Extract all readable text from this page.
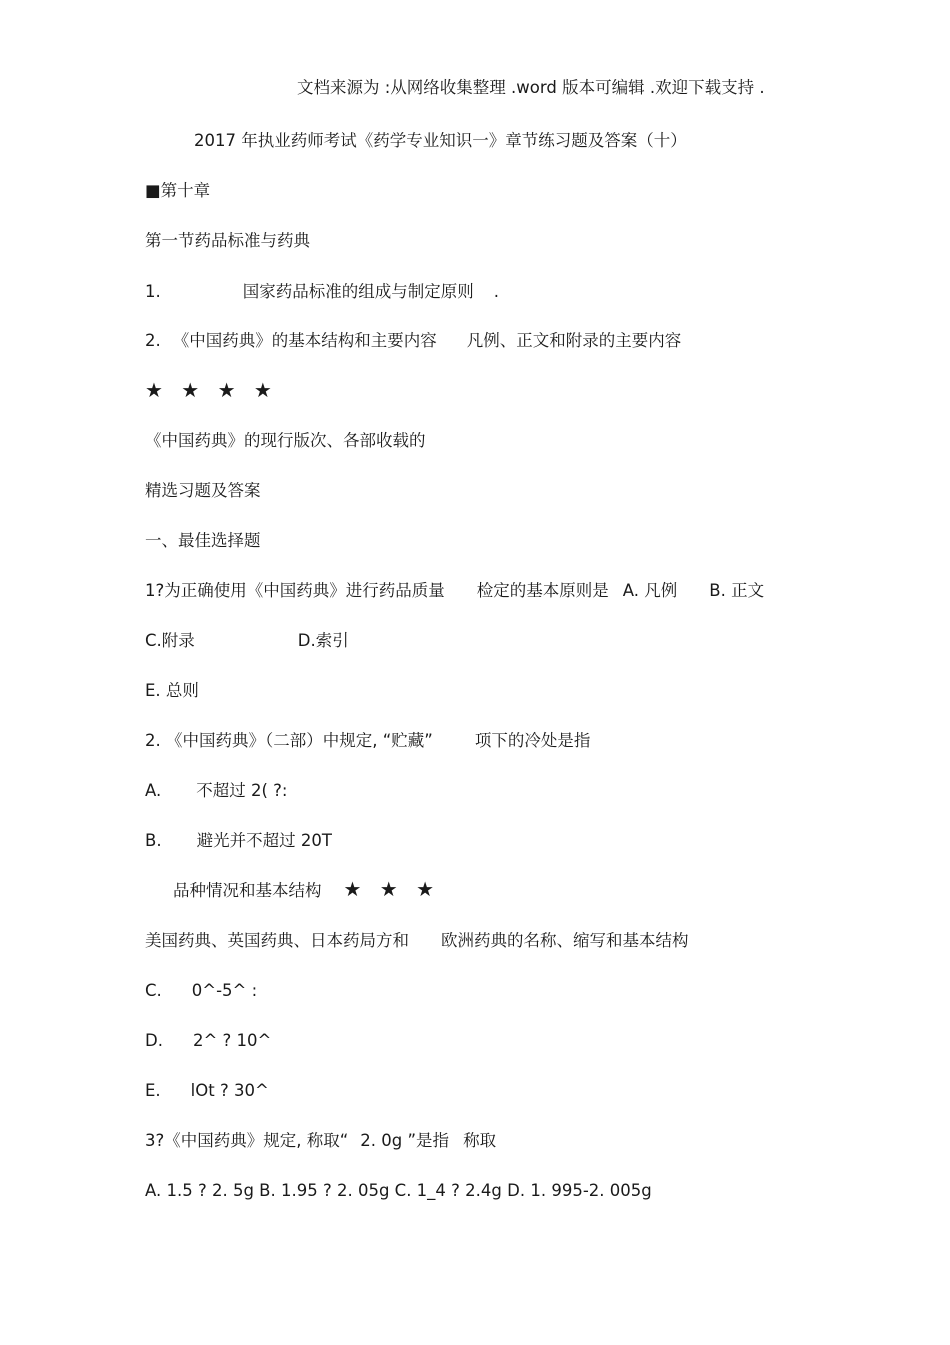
文档来源为 :从网络收集整理 .word 版本可编辑 .欢迎下载支持 .
2017 年执业药师考试《药学专业知识一》章节练习题及答案（十）
■第十章
第一节药品标准与药典
1.	国家药品标准的组成与制定原则 .
2. 《中国药典》的基本结构和主要内容 凡例、正文和附录的主要内容
★ ★ ★ ★
《中国药典》的现行版次、各部收载的
精选习题及答案
一、最佳选择题
1?为正确使用《中国药典》进行药品质量 检定的基本原则是 A. 凡例 B. 正文
C.附录	D.索引
E. 总则
2. 《中国药典》（二部）中规定, “贮藏”	项下的冷处是指
A. 不超过 2( ?:
B. 避光并不超过 20T
品种情况和基本结构 ★ ★ ★
美国药典、英国药典、日本药局方和 欧洲药典的名称、缩写和基本结构
C. 0^-5^ :
D. 2^ ? 10^
E. lOt ? 30^
3?《中国药典》规定, 称取“ 2. 0g ”是指 称取
A. 1.5 ? 2. 5g B. 1.95 ? 2. 05g C. 1_4 ? 2.4g D. 1. 995-2. 005g
